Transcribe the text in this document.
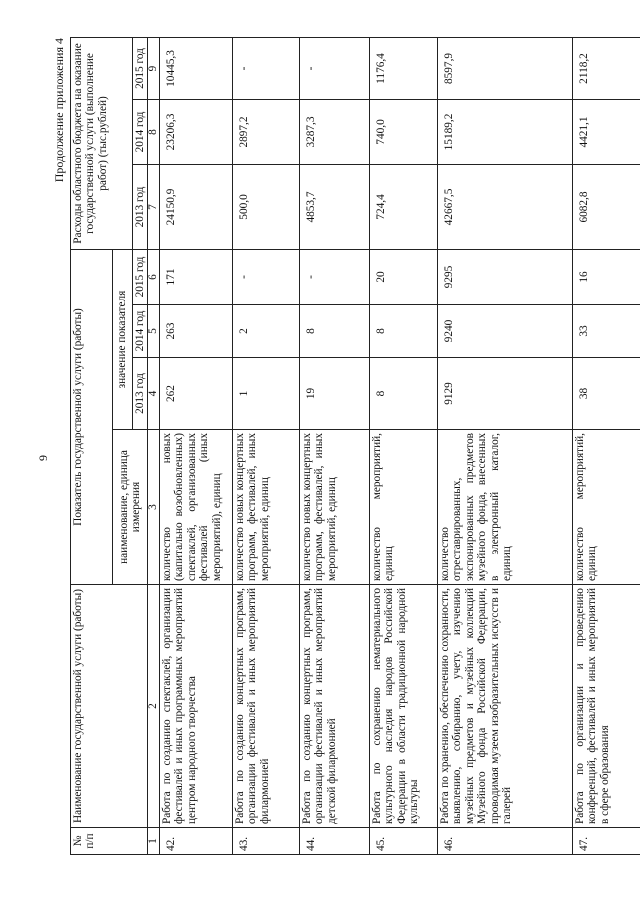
9
Продолжение приложения 4
№ п/п	Наименование государственной услуги (работы)	Показатель государственной услуги (работы)				Расходы областного бюджета на оказание государственной услуги (выполнение работ) (тыс.рублей)		
		наименование, единица измерения	значение показателя					
			2013 год	2014 год	2015 год	2013 год	2014 год	2015 год
1	2	3	4	5	6	7	8	9
42.	Работа по созданию спектаклей, организации фестивалей и иных программных мероприятий центром народного творчества	количество новых (капитально возобновленных) спектаклей, организованных фестивалей (иных мероприятий), единиц	262	263	171	24150,9	23206,3	10445,3
43.	Работа по созданию концертных программ, организации фестивалей и иных мероприятий филармонией	количество новых концертных программ, фестивалей, иных мероприятий, единиц	1	2	-	500,0	2897,2	-
44.	Работа по созданию концертных программ, организации фестивалей и иных мероприятий детской филармонией	количество новых концертных программ, фестивалей, иных мероприятий, единиц	19	8	-	4853,7	3287,3	-
45.	Работа по сохранению нематериального культурного наследия народов Российской Федерации в области традиционной народной культуры	количество мероприятий, единиц	8	8	20	724,4	740,0	1176,4
46.	Работа по хранению, обеспечению сохранности, выявлению, собиранию, учету, изучению музейных предметов и музейных коллекций Музейного фонда Российской Федерации, проводимая музеем изобразительных искусств и галерей	количество отреставрированных, экспонированных предметов музейного фонда, внесенных в электронный каталог, единиц	9129	9240	9295	42667,5	15189,2	8597,9
47.	Работа по организации и проведению конференций, фестивалей и иных мероприятий в сфере образования	количество мероприятий, единиц	38	33	16	6082,8	4421,1	2118,2
